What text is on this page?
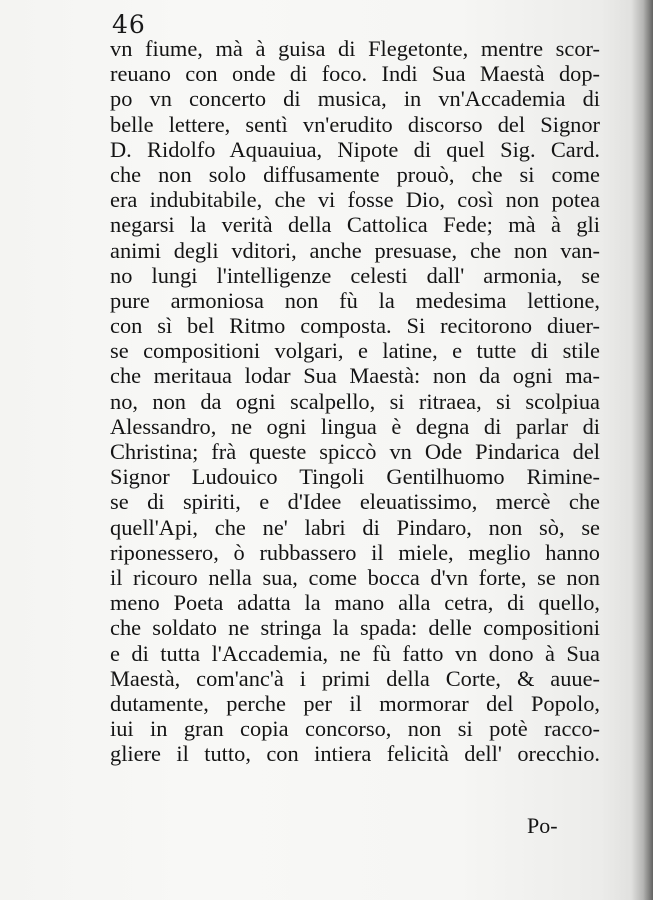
46
vn fiume, mà à guisa di Flegetonte, mentre scor-
reuano con onde di foco. Indi Sua Maestà dop-
po vn concerto di musica, in vn'Accademia di
belle lettere, sentì vn'erudito discorso del Signor
D. Ridolfo Aquauiua, Nipote di quel Sig. Card.
che non solo diffusamente prouò, che si come
era indubitabile, che vi fosse Dio, così non potea
negarsi la verità della Cattolica Fede; mà à gli
animi degli vditori, anche presuase, che non van-
no lungi l'intelligenze celesti dall' armonia, se
pure armoniosa non fù la medesima lettione,
con sì bel Ritmo composta. Si recitorono diuer-
se compositioni volgari, e latine, e tutte di stile
che meritaua lodar Sua Maestà: non da ogni ma-
no, non da ogni scalpello, si ritraea, si scolpiua
Alessandro, ne ogni lingua è degna di parlar di
Christina; frà queste spiccò vn Ode Pindarica del
Signor Ludouico Tingoli Gentilhuomo Rimine-
se di spiriti, e d'Idee eleuatissimo, mercè che
quell'Api, che ne' labri di Pindaro, non sò, se
riponessero, ò rubbassero il miele, meglio hanno
il ricouro nella sua, come bocca d'vn forte, se non
meno Poeta adatta la mano alla cetra, di quello,
che soldato ne stringa la spada: delle compositioni
e di tutta l'Accademia, ne fù fatto vn dono à Sua
Maestà, com'anc'à i primi della Corte, & auue-
dutamente, perche per il mormorar del Popolo,
iui in gran copia concorso, non si potè racco-
gliere il tutto, con intiera felicità dell' orecchio.
Po-
